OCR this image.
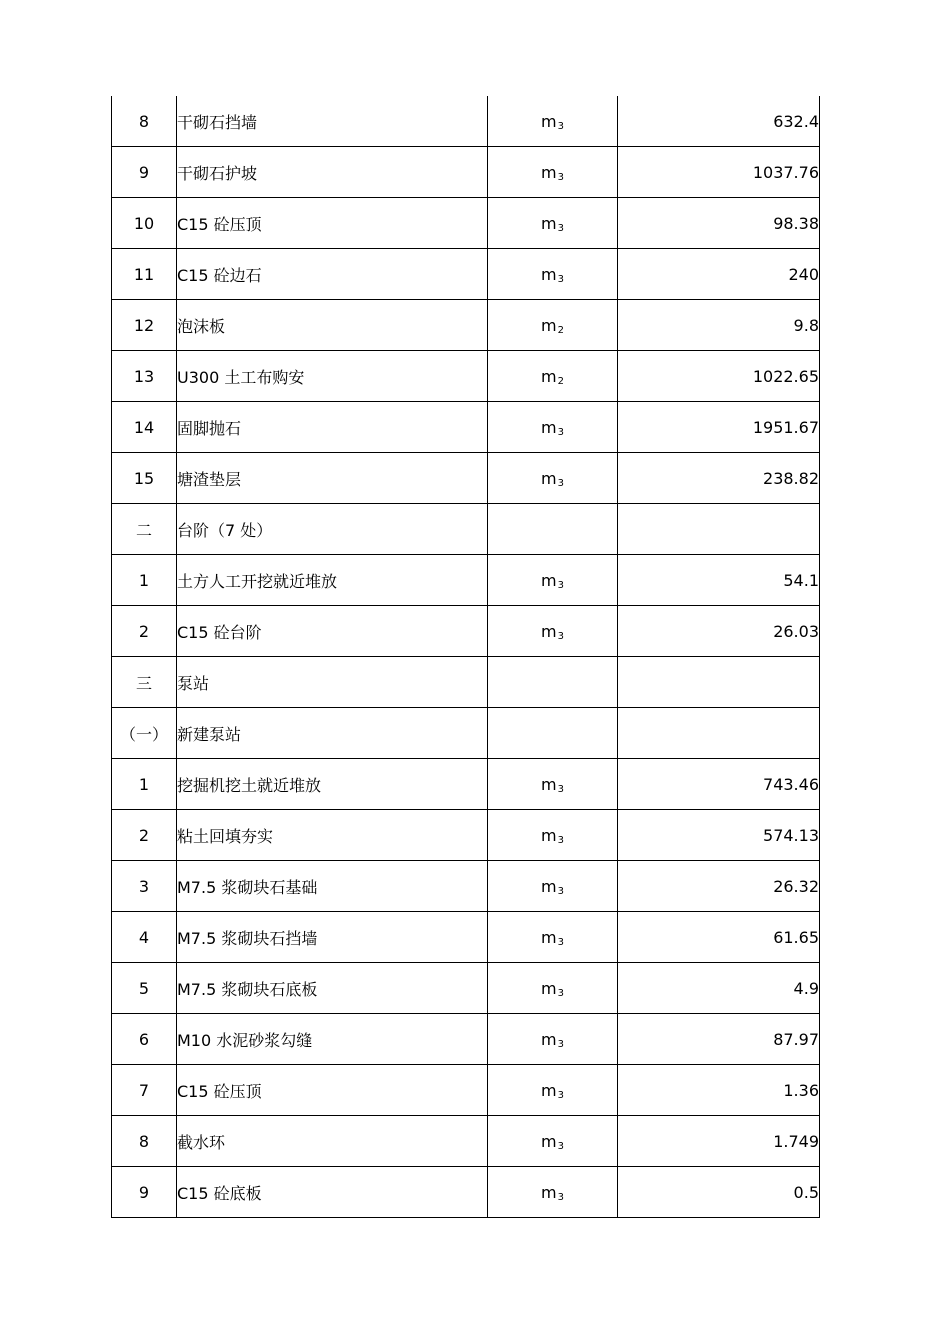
8	干砌石挡墙	m3	632.4
9	干砌石护坡	m3	1037.76
10	C15 砼压顶	m3	98.38
11	C15 砼边石	m3	240
12	泡沫板	m2	9.8
13	U300 土工布购安	m2	1022.65
14	固脚抛石	m3	1951.67
15	塘渣垫层	m3	238.82
二	台阶（7 处）		
1	土方人工开挖就近堆放	m3	54.1
2	C15 砼台阶	m3	26.03
三	泵站		
（一）	新建泵站		
1	挖掘机挖土就近堆放	m3	743.46
2	粘土回填夯实	m3	574.13
3	M7.5 浆砌块石基础	m3	26.32
4	M7.5 浆砌块石挡墙	m3	61.65
5	M7.5 浆砌块石底板	m3	4.9
6	M10 水泥砂浆勾缝	m3	87.97
7	C15 砼压顶	m3	1.36
8	截水环	m3	1.749
9	C15 砼底板	m3	0.5
